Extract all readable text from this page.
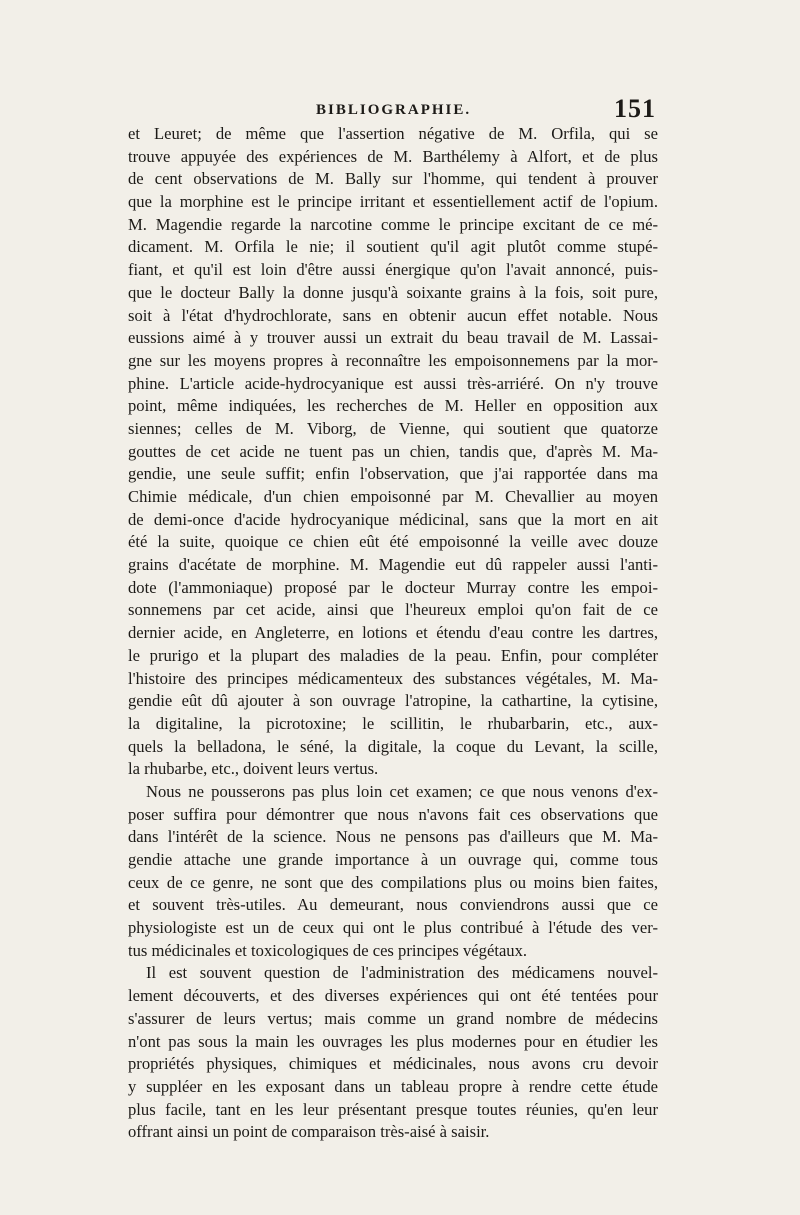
BIBLIOGRAPHIE.	151
et Leuret; de même que l'assertion négative de M. Orfila, qui se
trouve appuyée des expériences de M. Barthélemy à Alfort, et de plus
de cent observations de M. Bally sur l'homme, qui tendent à prouver
que la morphine est le principe irritant et essentiellement actif de l'opium.
M. Magendie regarde la narcotine comme le principe excitant de ce mé-
dicament. M. Orfila le nie; il soutient qu'il agit plutôt comme stupé-
fiant, et qu'il est loin d'être aussi énergique qu'on l'avait annoncé, puis-
que le docteur Bally la donne jusqu'à soixante grains à la fois, soit pure,
soit à l'état d'hydrochlorate, sans en obtenir aucun effet notable. Nous
eussions aimé à y trouver aussi un extrait du beau travail de M. Lassai-
gne sur les moyens propres à reconnaître les empoisonnemens par la mor-
phine. L'article acide-hydrocyanique est aussi très-arriéré. On n'y trouve
point, même indiquées, les recherches de M. Heller en opposition aux
siennes; celles de M. Viborg, de Vienne, qui soutient que quatorze
gouttes de cet acide ne tuent pas un chien, tandis que, d'après M. Ma-
gendie, une seule suffit; enfin l'observation, que j'ai rapportée dans ma
Chimie médicale, d'un chien empoisonné par M. Chevallier au moyen
de demi-once d'acide hydrocyanique médicinal, sans que la mort en ait
été la suite, quoique ce chien eût été empoisonné la veille avec douze
grains d'acétate de morphine. M. Magendie eut dû rappeler aussi l'anti-
dote (l'ammoniaque) proposé par le docteur Murray contre les empoi-
sonnemens par cet acide, ainsi que l'heureux emploi qu'on fait de ce
dernier acide, en Angleterre, en lotions et étendu d'eau contre les dartres,
le prurigo et la plupart des maladies de la peau. Enfin, pour compléter
l'histoire des principes médicamenteux des substances végétales, M. Ma-
gendie eût dû ajouter à son ouvrage l'atropine, la cathartine, la cytisine,
la digitaline, la picrotoxine; le scillitin, le rhubarbarin, etc., aux-
quels la belladona, le séné, la digitale, la coque du Levant, la scille,
la rhubarbe, etc., doivent leurs vertus.
Nous ne pousserons pas plus loin cet examen; ce que nous venons d'ex-
poser suffira pour démontrer que nous n'avons fait ces observations que
dans l'intérêt de la science. Nous ne pensons pas d'ailleurs que M. Ma-
gendie attache une grande importance à un ouvrage qui, comme tous
ceux de ce genre, ne sont que des compilations plus ou moins bien faites,
et souvent très-utiles. Au demeurant, nous conviendrons aussi que ce
physiologiste est un de ceux qui ont le plus contribué à l'étude des ver-
tus médicinales et toxicologiques de ces principes végétaux.
Il est souvent question de l'administration des médicamens nouvel-
lement découverts, et des diverses expériences qui ont été tentées pour
s'assurer de leurs vertus; mais comme un grand nombre de médecins
n'ont pas sous la main les ouvrages les plus modernes pour en étudier les
propriétés physiques, chimiques et médicinales, nous avons cru devoir
y suppléer en les exposant dans un tableau propre à rendre cette étude
plus facile, tant en les leur présentant presque toutes réunies, qu'en leur
offrant ainsi un point de comparaison très-aisé à saisir.
